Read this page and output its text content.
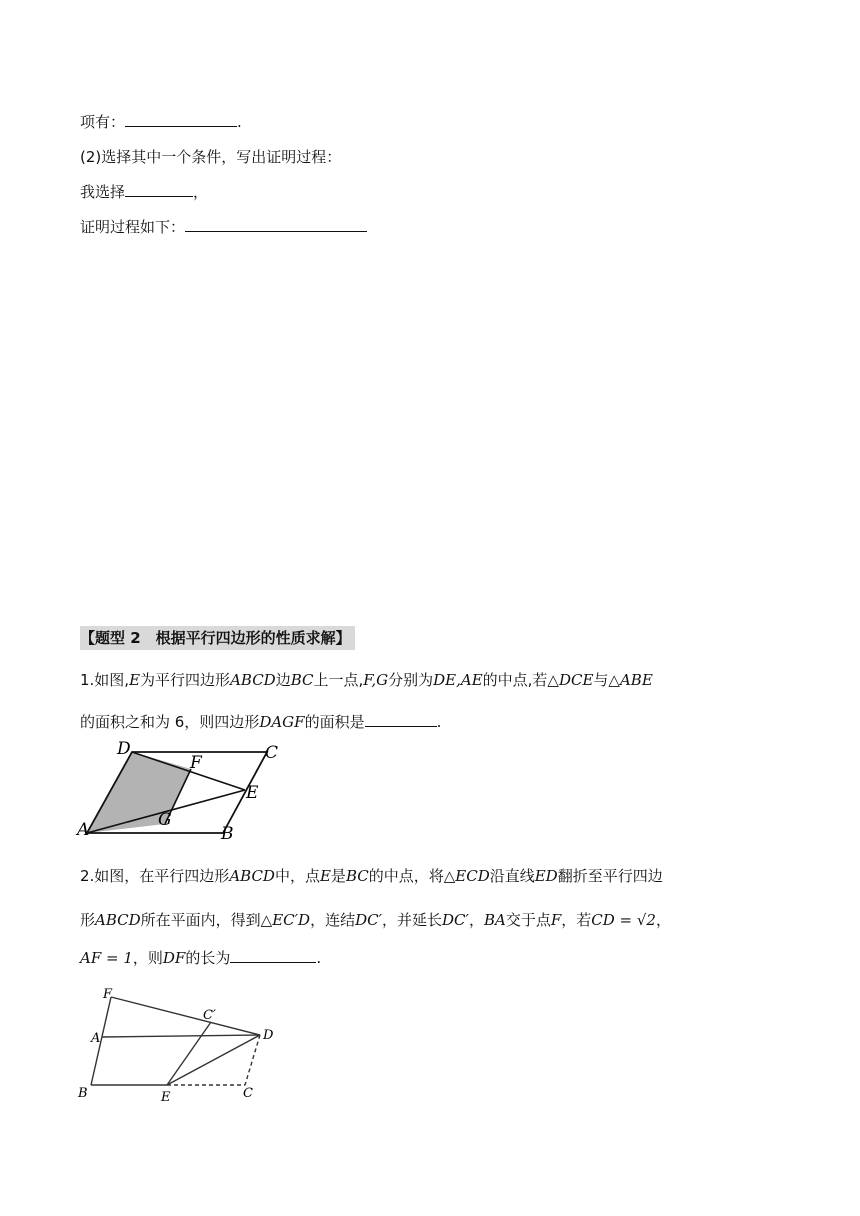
项有：	.
(2)选择其中一个条件，写出证明过程：
我选择	，
证明过程如下：
【题型 2　根据平行四边形的性质求解】
1.如图,E为平行四边形ABCD边BC上一点,F,G分别为DE,AE的中点,若△DCE与△ABE
的面积之和为 6，则四边形DAGF的面积是	.
D	C
F
E
G
A	B
2.如图，在平行四边形ABCD中，点E是BC的中点，将△ECD沿直线ED翻折至平行四边
形ABCD所在平面内，得到△EC′D，连结DC′，并延长DC′，BA交于点F，若CD = √2，
AF = 1，则DF的长为	.
F
C′
A	D
B	E	C
